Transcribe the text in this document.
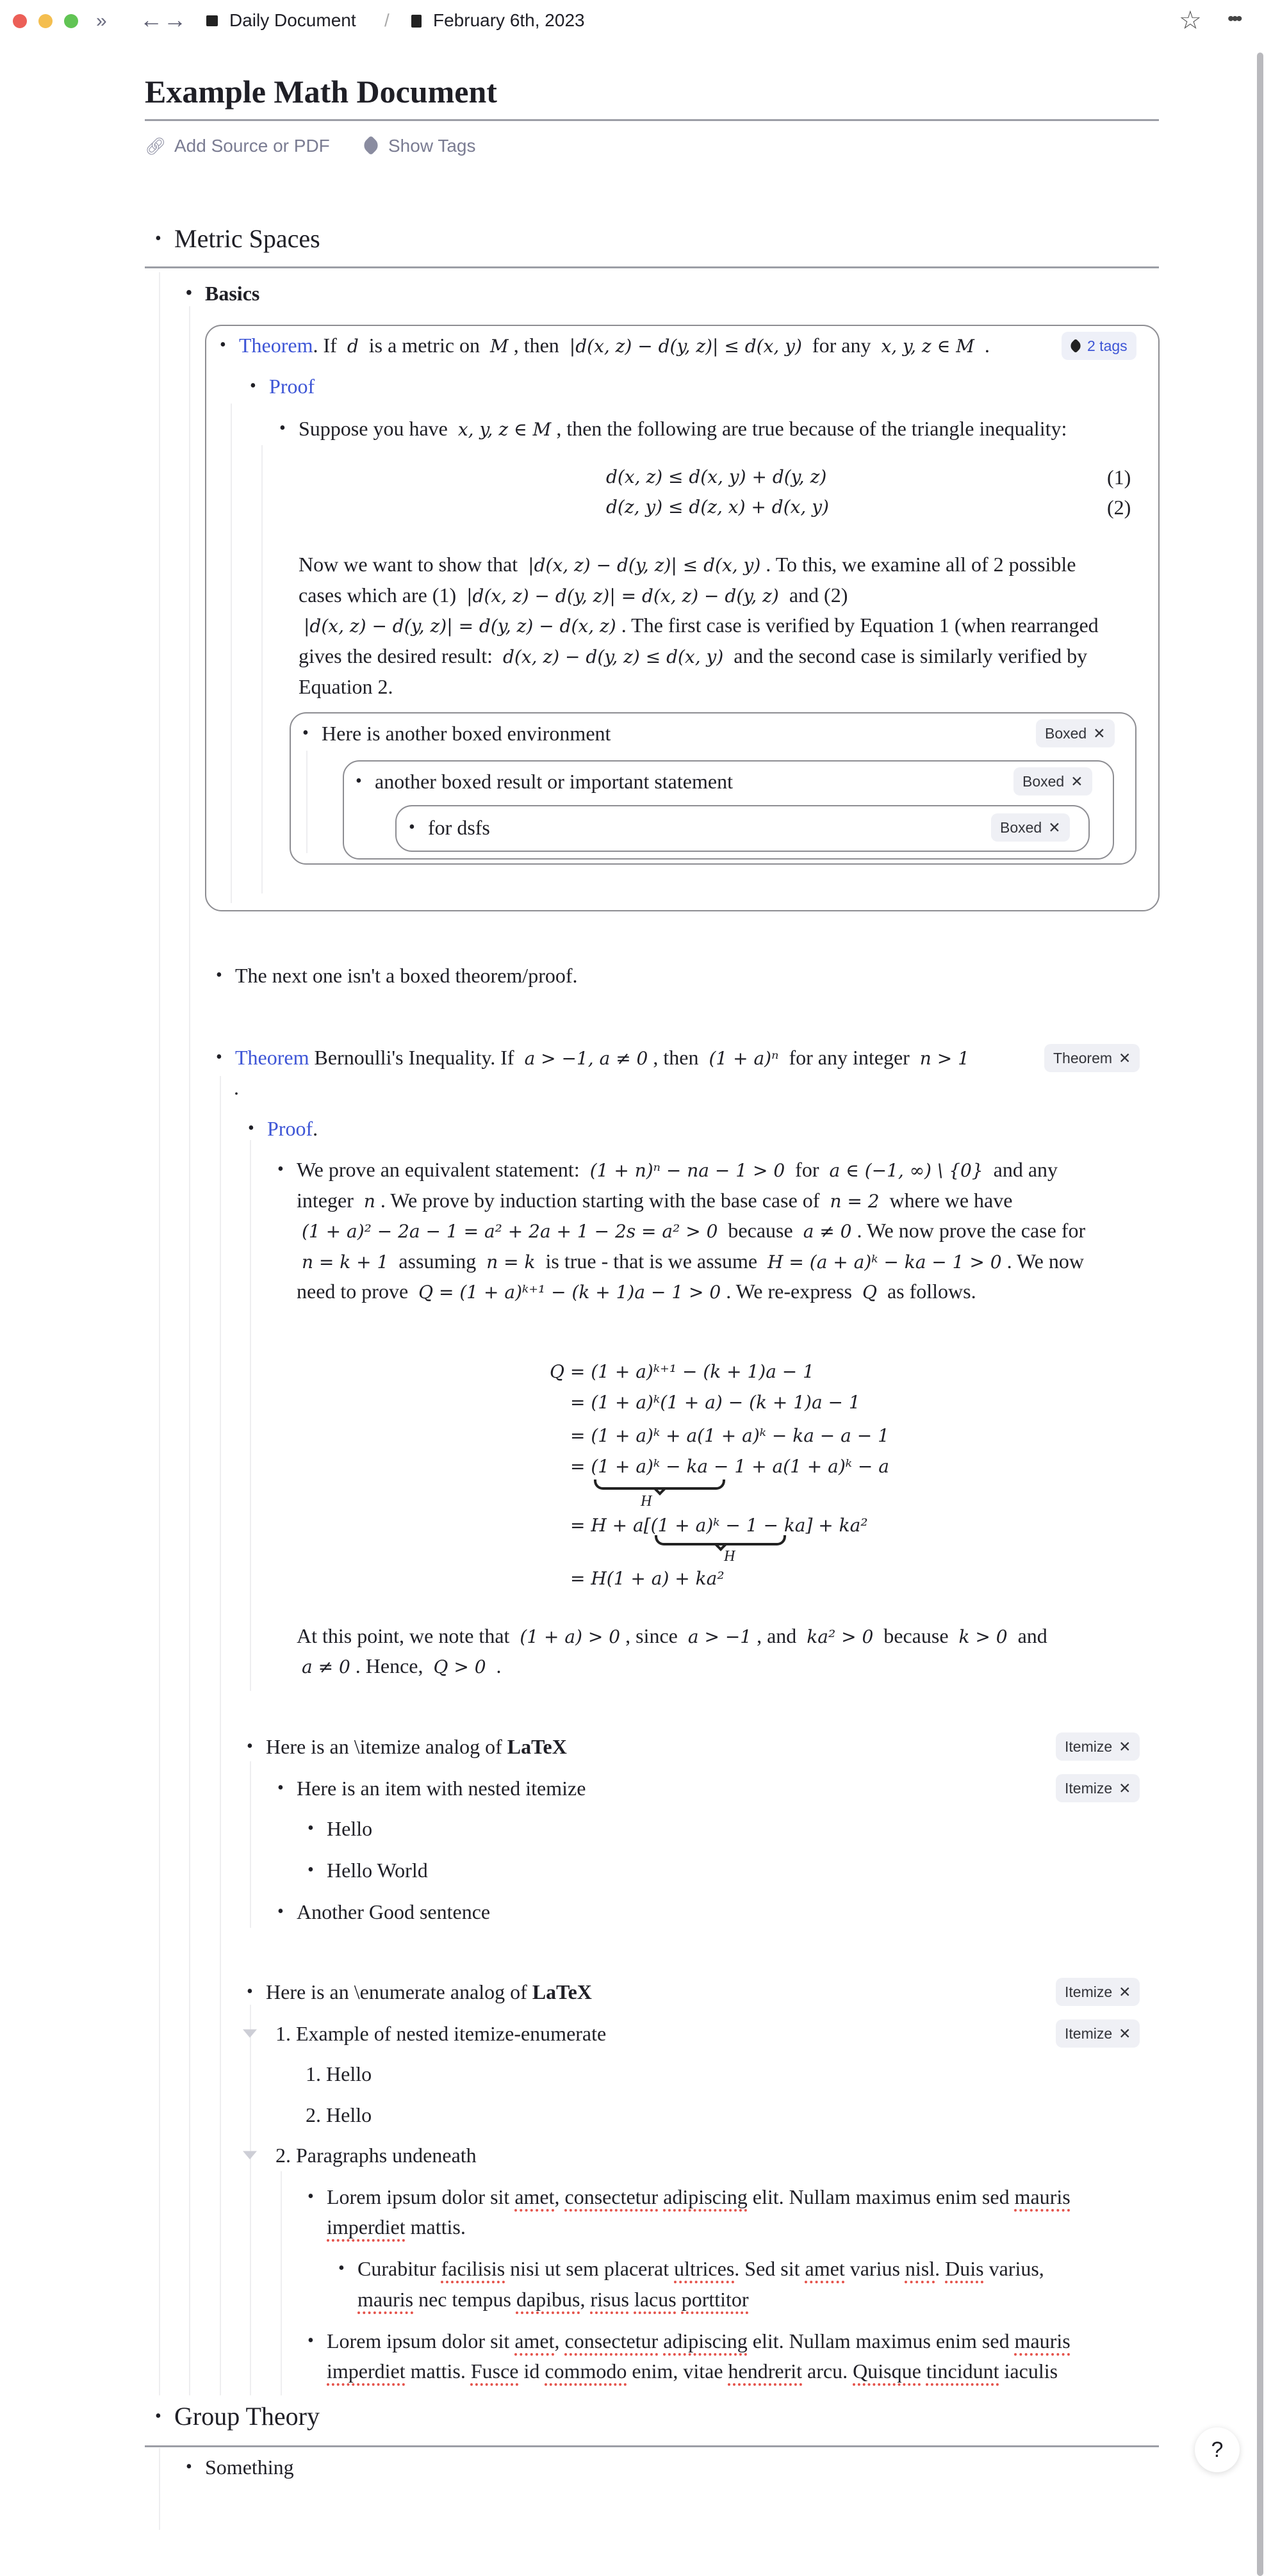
» ← → Daily Document / February 6th, 2023	☆ •••
Example Math Document
🔗︎ Add Source or PDF	Show Tags
• Metric Spaces
• Basics
• Theorem. If d is a metric on M , then |d(x, z) − d(y, z)| ≤ d(x, y) for any x, y, z ∈ M .	2 tags
• Proof
• Suppose you have x, y, z ∈ M , then the following are true because of the triangle inequality:
d(x, z) ≤ d(x, y) + d(y, z)	(1)
d(z, y) ≤ d(z, x) + d(x, y)	(2)
Now we want to show that |d(x, z) − d(y, z)| ≤ d(x, y) . To this, we examine all of 2 possible
cases which are (1) |d(x, z) − d(y, z)| = d(x, z) − d(y, z) and (2)
|d(x, z) − d(y, z)| = d(y, z) − d(x, z) . The first case is verified by Equation 1 (when rearranged
gives the desired result: d(x, z) − d(y, z) ≤ d(x, y) and the second case is similarly verified by
Equation 2.
• Here is another boxed environment	Boxed ✕
• another boxed result or important statement	Boxed ✕
• for dsfs	Boxed ✕
• The next one isn't a boxed theorem/proof.
• Theorem Bernoulli's Inequality. If a > −1, a ≠ 0 , then (1 + a)ⁿ for any integer n > 1
.
Theorem ✕
• Proof.
• We prove an equivalent statement: (1 + n)ⁿ − na − 1 > 0 for a ∈ (−1, ∞) \ {0} and any
integer n . We prove by induction starting with the base case of n = 2 where we have
(1 + a)² − 2a − 1 = a² + 2a + 1 − 2s = a² > 0 because a ≠ 0 . We now prove the case for
n = k + 1 assuming n = k is true - that is we assume H = (a + a)ᵏ − ka − 1 > 0 . We now
need to prove Q = (1 + a)ᵏ⁺¹ − (k + 1)a − 1 > 0 . We re-express Q as follows.
Q = (1 + a)ᵏ⁺¹ − (k + 1)a − 1
= (1 + a)ᵏ(1 + a) − (k + 1)a − 1
= (1 + a)ᵏ + a(1 + a)ᵏ − ka − a − 1
= (1 + a)ᵏ − ka − 1 + a(1 + a)ᵏ − a
H
= H + a[(1 + a)ᵏ − 1 − ka] + ka²
H
= H(1 + a) + ka²
At this point, we note that (1 + a) > 0 , since a > −1 , and ka² > 0 because k > 0 and
a ≠ 0 . Hence, Q > 0 .
• Here is an \itemize analog of LaTeX	Itemize ✕
• Here is an item with nested itemize	Itemize ✕
• Hello
• Hello World
• Another Good sentence
• Here is an \enumerate analog of LaTeX	Itemize ✕
1. Example of nested itemize-enumerate	Itemize ✕
1. Hello
2. Hello
2. Paragraphs undeneath
• Lorem ipsum dolor sit amet, consectetur adipiscing elit. Nullam maximus enim sed mauris
imperdiet mattis.
• Curabitur facilisis nisi ut sem placerat ultrices. Sed sit amet varius nisl. Duis varius,
mauris nec tempus dapibus, risus lacus porttitor
• Lorem ipsum dolor sit amet, consectetur adipiscing elit. Nullam maximus enim sed mauris
imperdiet mattis. Fusce id commodo enim, vitae hendrerit arcu. Quisque tincidunt iaculis
• Group Theory
• Something
?
